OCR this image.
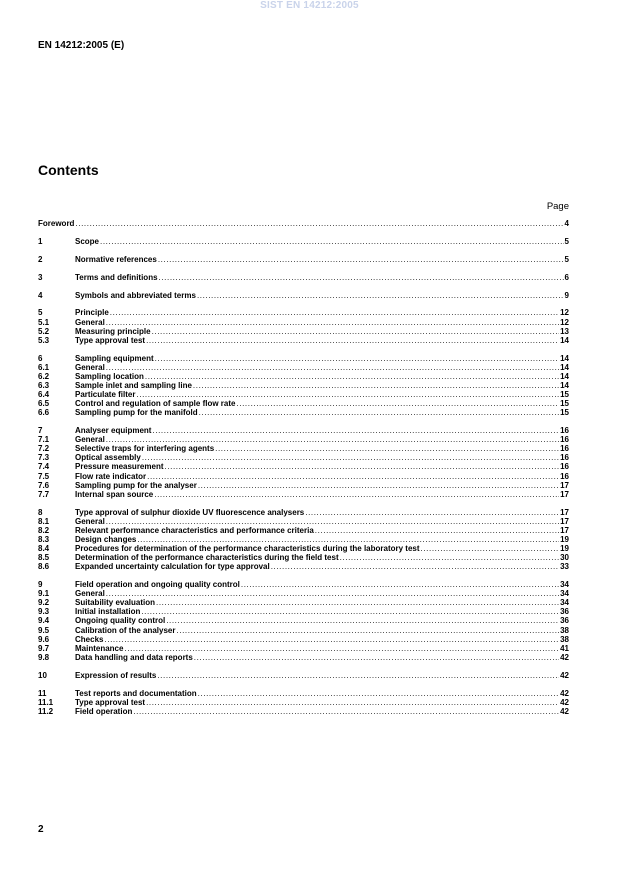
SIST EN 14212:2005
EN 14212:2005 (E)
Contents
Page
Foreword .....	4
1	Scope .....	5
2	Normative references .....	5
3	Terms and definitions .....	6
4	Symbols and abbreviated terms .....	9
5	Principle .....	12
5.1	General .....	12
5.2	Measuring principle .....	13
5.3	Type approval test .....	14
6	Sampling equipment .....	14
6.1	General .....	14
6.2	Sampling location .....	14
6.3	Sample inlet and sampling line .....	14
6.4	Particulate filter .....	15
6.5	Control and regulation of sample flow rate .....	15
6.6	Sampling pump for the manifold .....	15
7	Analyser equipment .....	16
7.1	General .....	16
7.2	Selective traps for interfering agents .....	16
7.3	Optical assembly .....	16
7.4	Pressure measurement .....	16
7.5	Flow rate indicator .....	16
7.6	Sampling pump for the analyser .....	17
7.7	Internal span source .....	17
8	Type approval of sulphur dioxide UV fluorescence analysers .....	17
8.1	General .....	17
8.2	Relevant performance characteristics and performance criteria .....	17
8.3	Design changes .....	19
8.4	Procedures for determination of the performance characteristics during the laboratory test .....	19
8.5	Determination of the performance characteristics during the field test .....	30
8.6	Expanded uncertainty calculation for type approval .....	33
9	Field operation and ongoing quality control .....	34
9.1	General .....	34
9.2	Suitability evaluation .....	34
9.3	Initial installation .....	36
9.4	Ongoing quality control .....	36
9.5	Calibration of the analyser .....	38
9.6	Checks .....	38
9.7	Maintenance .....	41
9.8	Data handling and data reports .....	42
10	Expression of results .....	42
11	Test reports and documentation .....	42
11.1	Type approval test .....	42
11.2	Field operation .....	42
2
